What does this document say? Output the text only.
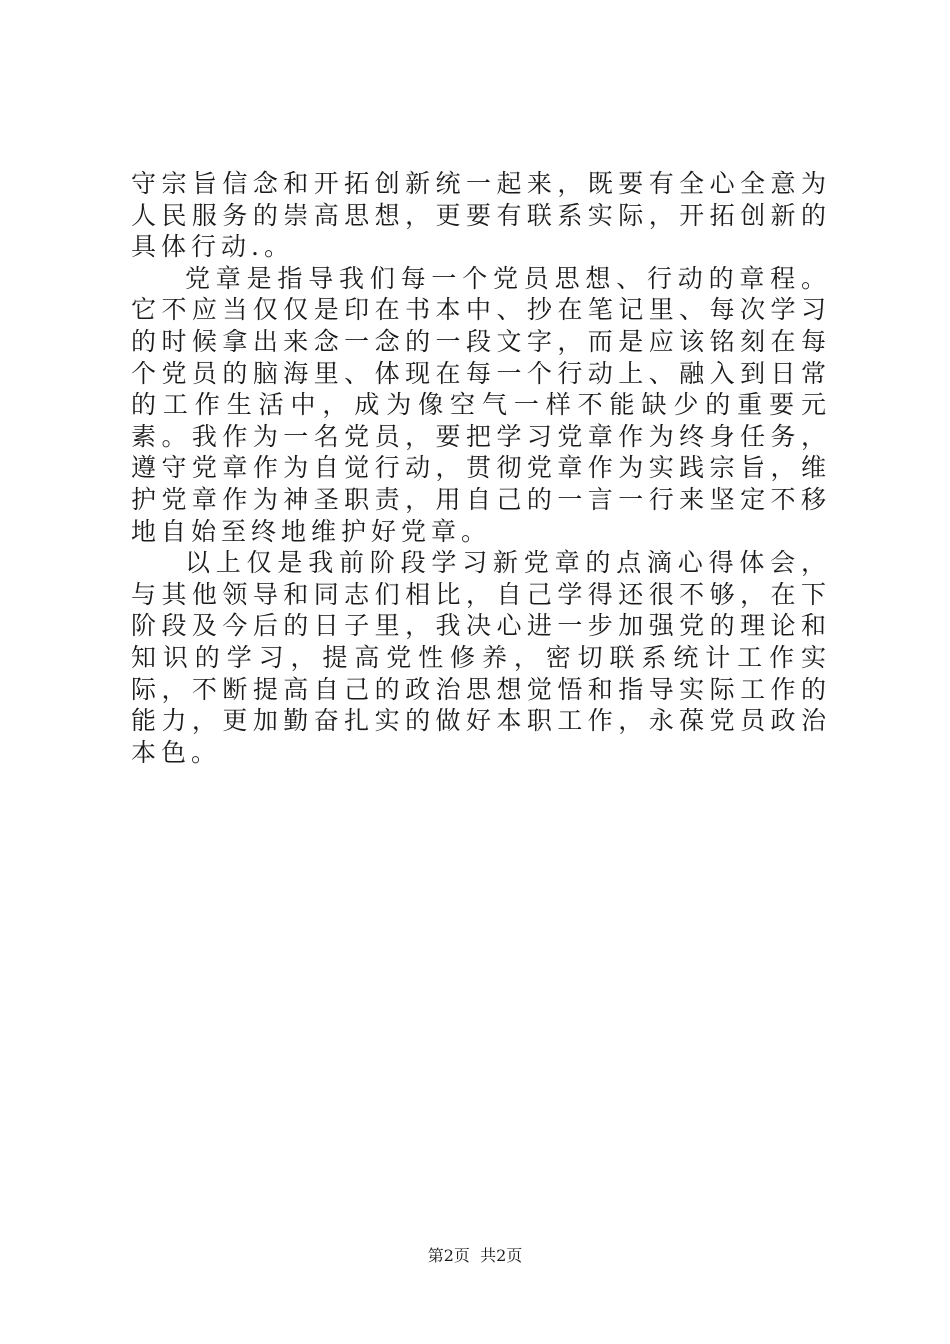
守宗旨信念和开拓创新统一起来，既要有全心全意为人民服务的崇高思想，更要有联系实际，开拓创新的具体行动.。

党章是指导我们每一个党员思想、行动的章程。它不应当仅仅是印在书本中、抄在笔记里、每次学习的时候拿出来念一念的一段文字，而是应该铭刻在每个党员的脑海里、体现在每一个行动上、融入到日常的工作生活中，成为像空气一样不能缺少的重要元素。我作为一名党员，要把学习党章作为终身任务，遵守党章作为自觉行动，贯彻党章作为实践宗旨，维护党章作为神圣职责，用自己的一言一行来坚定不移地自始至终地维护好党章。

以上仅是我前阶段学习新党章的点滴心得体会，与其他领导和同志们相比，自己学得还很不够，在下阶段及今后的日子里，我决心进一步加强党的理论和知识的学习，提高党性修养，密切联系统计工作实际，不断提高自己的政治思想觉悟和指导实际工作的能力，更加勤奋扎实的做好本职工作，永葆党员政治本色。

第2页  共2页
